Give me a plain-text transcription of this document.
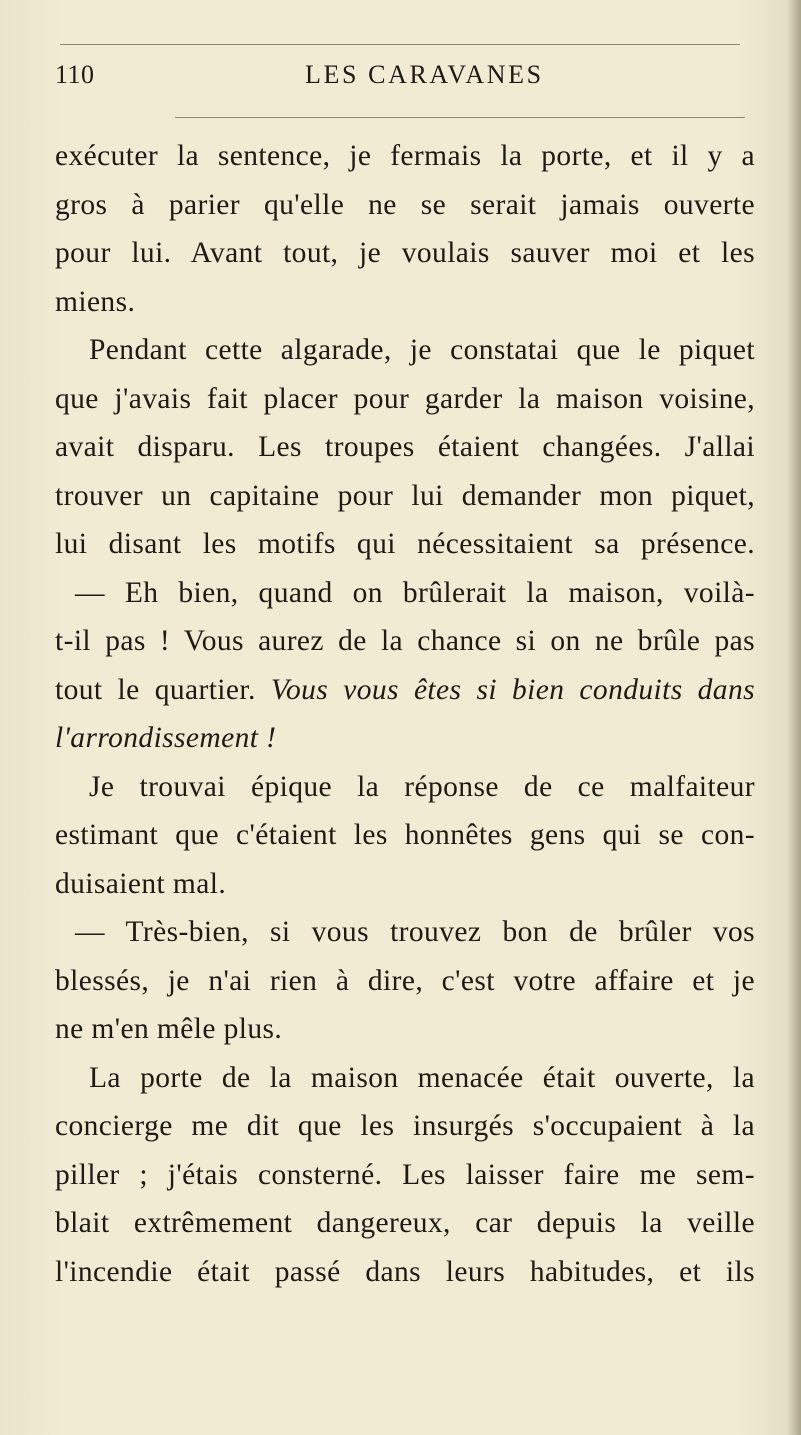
110	LES CARAVANES
exécuter la sentence, je fermais la porte, et il y a
gros à parier qu'elle ne se serait jamais ouverte
pour lui. Avant tout, je voulais sauver moi et les
miens.
Pendant cette algarade, je constatai que le piquet
que j'avais fait placer pour garder la maison voisine,
avait disparu. Les troupes étaient changées. J'allai
trouver un capitaine pour lui demander mon piquet,
lui disant les motifs qui nécessitaient sa présence.
— Eh bien, quand on brûlerait la maison, voilà-
t-il pas ! Vous aurez de la chance si on ne brûle pas
tout le quartier. Vous vous êtes si bien conduits dans
l'arrondissement !
Je trouvai épique la réponse de ce malfaiteur
estimant que c'étaient les honnêtes gens qui se con-
duisaient mal.
— Très-bien, si vous trouvez bon de brûler vos
blessés, je n'ai rien à dire, c'est votre affaire et je
ne m'en mêle plus.
La porte de la maison menacée était ouverte, la
concierge me dit que les insurgés s'occupaient à la
piller ; j'étais consterné. Les laisser faire me sem-
blait extrêmement dangereux, car depuis la veille
l'incendie était passé dans leurs habitudes, et ils
